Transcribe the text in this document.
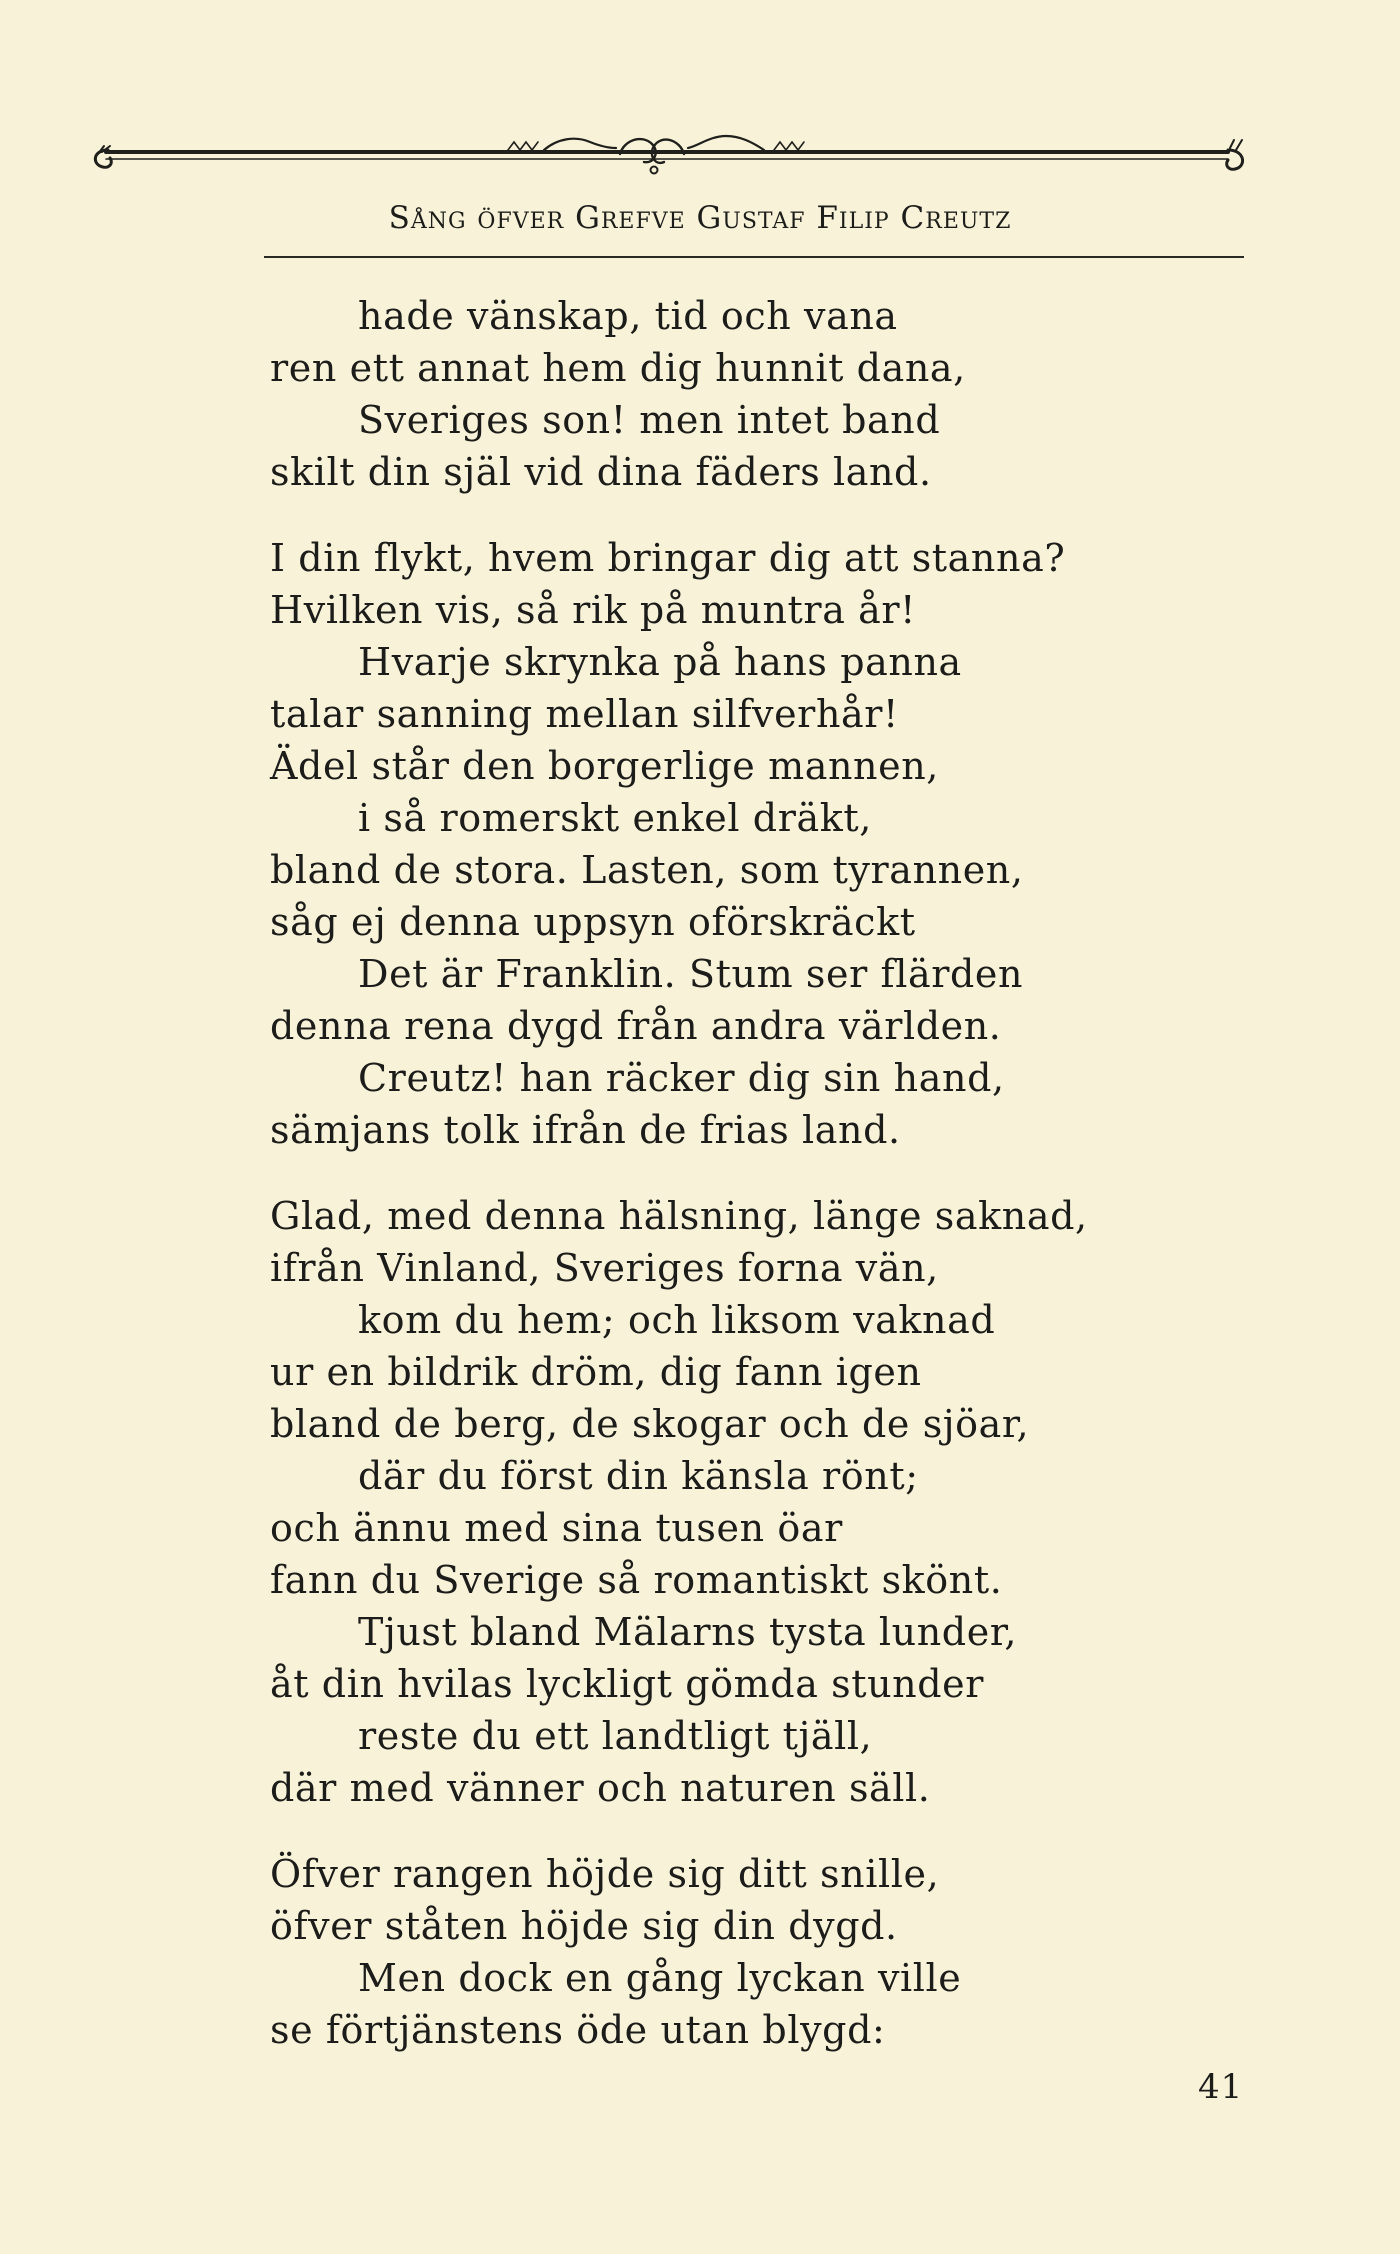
Sång öfver Grefve Gustaf Filip Creutz
hade vänskap, tid och vana
ren ett annat hem dig hunnit dana,
Sveriges son! men intet band
skilt din själ vid dina fäders land.
I din flykt, hvem bringar dig att stanna?
Hvilken vis, så rik på muntra år!
Hvarje skrynka på hans panna
talar sanning mellan silfverhår!
Ädel står den borgerlige mannen,
i så romerskt enkel dräkt,
bland de stora. Lasten, som tyrannen,
såg ej denna uppsyn oförskräckt
Det är Franklin. Stum ser flärden
denna rena dygd från andra världen.
Creutz! han räcker dig sin hand,
sämjans tolk ifrån de frias land.
Glad, med denna hälsning, länge saknad,
ifrån Vinland, Sveriges forna vän,
kom du hem; och liksom vaknad
ur en bildrik dröm, dig fann igen
bland de berg, de skogar och de sjöar,
där du först din känsla rönt;
och ännu med sina tusen öar
fann du Sverige så romantiskt skönt.
Tjust bland Mälarns tysta lunder,
åt din hvilas lyckligt gömda stunder
reste du ett landtligt tjäll,
där med vänner och naturen säll.
Öfver rangen höjde sig ditt snille,
öfver ståten höjde sig din dygd.
Men dock en gång lyckan ville
se förtjänstens öde utan blygd:
41
